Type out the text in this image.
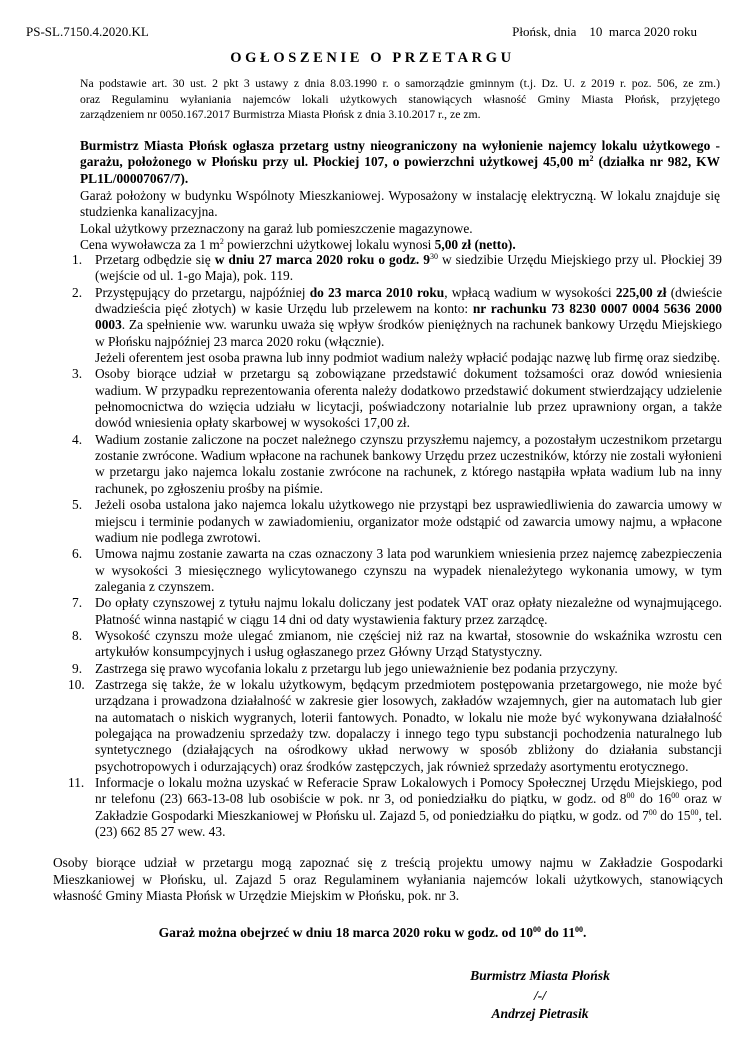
PS-SL.7150.4.2020.KL	Płońsk, dnia    10  marca 2020 roku
OGŁOSZENIE O PRZETARGU
Na podstawie art. 30 ust. 2 pkt 3 ustawy z dnia 8.03.1990 r. o samorządzie gminnym (t.j. Dz. U. z 2019 r. poz. 506, ze zm.)
oraz Regulaminu wyłaniania najemców lokali użytkowych stanowiących własność Gminy Miasta Płońsk, przyjętego
zarządzeniem nr 0050.167.2017 Burmistrza Miasta Płońsk z dnia 3.10.2017 r., ze zm.
Burmistrz Miasta Płońsk ogłasza przetarg ustny nieograniczony na wyłonienie najemcy lokalu użytkowego - garażu, położonego w Płońsku przy ul. Płockiej 107, o powierzchni użytkowej 45,00 $m^2$ (działka nr 982, KW PL1L/00007067/7).
Garaż położony w budynku Wspólnoty Mieszkaniowej. Wyposażony w instalację elektryczną. W lokalu znajduje się studzienka kanalizacyjna.
Lokal użytkowy przeznaczony na garaż lub pomieszczenie magazynowe.
Cena wywoławcza za 1 $m^2$ powierzchni użytkowej lokalu wynosi 5,00 zł (netto).
1. Przetarg odbędzie się w dniu 27 marca 2020 roku o godz. $9^{30}$ w siedzibie Urzędu Miejskiego przy ul. Płockiej 39 (wejście od ul. 1-go Maja), pok. 119.
2. Przystępujący do przetargu, najpóźniej do 23 marca 2010 roku, wpłacą wadium w wysokości 225,00 zł (dwieście dwadzieścia pięć złotych) w kasie Urzędu lub przelewem na konto: nr rachunku 73 8230 0007 0004 5636 2000 0003. Za spełnienie ww. warunku uważa się wpływ środków pieniężnych na rachunek bankowy Urzędu Miejskiego w Płońsku najpóźniej 23 marca 2020 roku (włącznie).
Jeżeli oferentem jest osoba prawna lub inny podmiot wadium należy wpłacić podając nazwę lub firmę oraz siedzibę.
3. Osoby biorące udział w przetargu są zobowiązane przedstawić dokument tożsamości oraz dowód wniesienia wadium. W przypadku reprezentowania oferenta należy dodatkowo przedstawić dokument stwierdzający udzielenie pełnomocnictwa do wzięcia udziału w licytacji, poświadczony notarialnie lub przez uprawniony organ, a także dowód wniesienia opłaty skarbowej w wysokości 17,00 zł.
4. Wadium zostanie zaliczone na poczet należnego czynszu przyszłemu najemcy, a pozostałym uczestnikom przetargu zostanie zwrócone. Wadium wpłacone na rachunek bankowy Urzędu przez uczestników, którzy nie zostali wyłonieni w przetargu jako najemca lokalu zostanie zwrócone na rachunek, z którego nastąpiła wpłata wadium lub na inny rachunek, po zgłoszeniu prośby na piśmie.
5. Jeżeli osoba ustalona jako najemca lokalu użytkowego nie przystąpi bez usprawiedliwienia do zawarcia umowy w miejscu i terminie podanych w zawiadomieniu, organizator może odstąpić od zawarcia umowy najmu, a wpłacone wadium nie podlega zwrotowi.
6. Umowa najmu zostanie zawarta na czas oznaczony 3 lata pod warunkiem wniesienia przez najemcę zabezpieczenia w wysokości 3 miesięcznego wylicytowanego czynszu na wypadek nienależytego wykonania umowy, w tym zalegania z czynszem.
7. Do opłaty czynszowej z tytułu najmu lokalu doliczany jest podatek VAT oraz opłaty niezależne od wynajmującego. Płatność winna nastąpić w ciągu 14 dni od daty wystawienia faktury przez zarządcę.
8. Wysokość czynszu może ulegać zmianom, nie częściej niż raz na kwartał, stosownie do wskaźnika wzrostu cen artykułów konsumpcyjnych i usług ogłaszanego przez Główny Urząd Statystyczny.
9. Zastrzega się prawo wycofania lokalu z przetargu lub jego unieważnienie bez podania przyczyny.
10. Zastrzega się także, że w lokalu użytkowym, będącym przedmiotem postępowania przetargowego, nie może być urządzana i prowadzona działalność w zakresie gier losowych, zakładów wzajemnych, gier na automatach lub gier na automatach o niskich wygranych, loterii fantowych. Ponadto, w lokalu nie może być wykonywana działalność polegająca na prowadzeniu sprzedaży tzw. dopalaczy i innego tego typu substancji pochodzenia naturalnego lub syntetycznego (działających na ośrodkowy układ nerwowy w sposób zbliżony do działania substancji psychotropowych i odurzających) oraz środków zastępczych, jak również sprzedaży asortymentu erotycznego.
11. Informacje o lokalu można uzyskać w Referacie Spraw Lokalowych i Pomocy Społecznej Urzędu Miejskiego, pod nr telefonu (23) 663-13-08 lub osobiście w pok. nr 3, od poniedziałku do piątku, w godz. od $8^{00}$ do $16^{00}$ oraz w Zakładzie Gospodarki Mieszkaniowej w Płońsku ul. Zajazd 5, od poniedziałku do piątku, w godz. od $7^{00}$ do $15^{00}$, tel. (23) 662 85 27 wew. 43.
Osoby biorące udział w przetargu mogą zapoznać się z treścią projektu umowy najmu w Zakładzie Gospodarki Mieszkaniowej w Płońsku, ul. Zajazd 5 oraz Regulaminem wyłaniania najemców lokali użytkowych, stanowiących własność Gminy Miasta Płońsk w Urzędzie Miejskim w Płońsku, pok. nr 3.
Garaż można obejrzeć w dniu 18 marca 2020 roku w godz. od $10^{00}$ do $11^{00}$.
Burmistrz Miasta Płońsk
/-/
Andrzej Pietrasik
